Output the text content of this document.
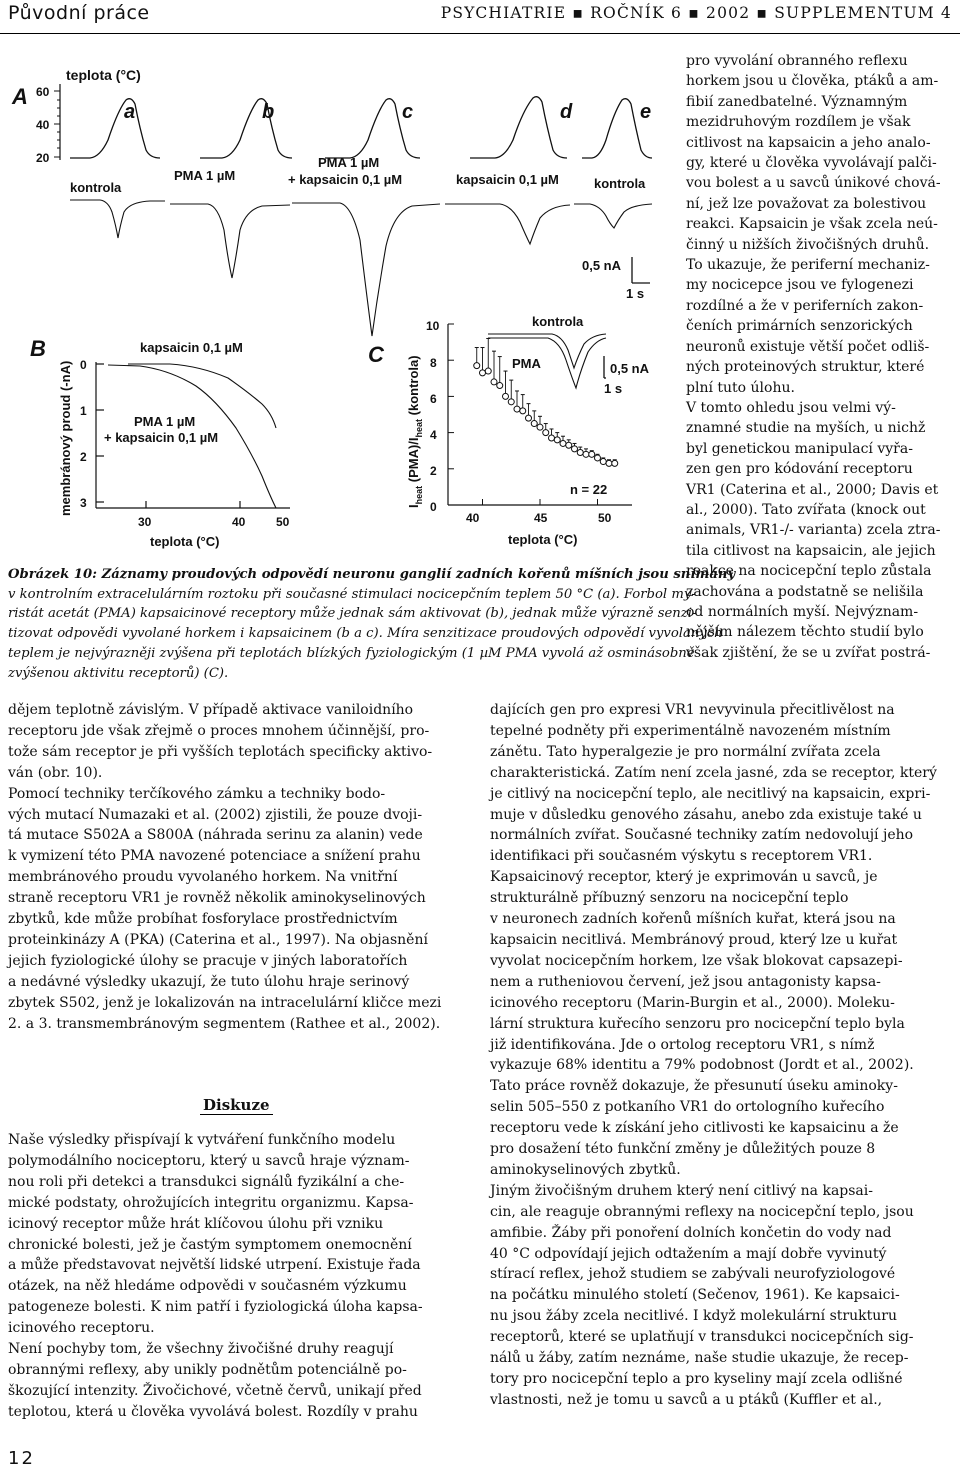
Původní práce	PSYCHIATRIE ▪ ROČNÍK 6 ▪ 2002 ▪ SUPPLEMENTUM 4
A
teplota (°C)
60
40
20
a	b	c	d	e
kontrola
PMA 1 µM
PMA 1 µM
+ kapsaicin 0,1 µM	kapsaicin 0,1 µM	kontrola
0,5 nA
1 s
B
membránový proud (-nA) 0
1
2
3
30	40	50
teplota (°C)
kapsaicin 0,1 µM
PMA 1 µM
+ kapsaicin 0,1 µM
C
$I_{heat}$ $(PMA)/I_{heat}$ (kontrola)
10
8
6
4
2
0
40	45	50
teplota (°C)
n = 22
kontrola
PMA	0,5 nA
1 s
Obrázek 10: Záznamy proudových odpovědí neuronu ganglií zadních kořenů míšních jsou snímány
v kontrolním extracelulárním roztoku při současné stimulaci nocicepčním teplem 50 °C (a). Forbol my-
ristát acetát (PMA) kapsaicinové receptory může jednak sám aktivovat (b), jednak může výrazně senzi-
tizovat odpovědi vyvolané horkem i kapsaicinem (b a c). Míra senzitizace proudových odpovědí vyvolaných
teplem je nejvýrazněji zvýšena při teplotách blízkých fyziologickým (1 µM PMA vyvolá až osminásobně
zvýšenou aktivitu receptorů) (C).
pro vyvolání obranného reflexu
horkem jsou u člověka, ptáků a am-
fibií zanedbatelné. Významným
mezidruhovým rozdílem je však
citlivost na kapsaicin a jeho analo-
gy, které u člověka vyvolávají palči-
vou bolest a u savců únikové chová-
ní, jež lze považovat za bolestivou
reakci. Kapsaicin je však zcela neú-
činný u nižších živočišných druhů.
To ukazuje, že periferní mechaniz-
my nocicepce jsou ve fylogenezi
rozdílné a že v periferních zakon-
čeních primárních senzorických
neuronů existuje větší počet odliš-
ných proteinových struktur, které
plní tuto úlohu.
V tomto ohledu jsou velmi vý-
znamné studie na myších, u nichž
byl genetickou manipulací vyřa-
zen gen pro kódování receptoru
VR1 (Caterina et al., 2000; Davis et
al., 2000). Tato zvířata (knock out
animals, VR1-/- varianta) zcela ztra-
tila citlivost na kapsaicin, ale jejich
reakce na nocicepční teplo zůstala
zachována a podstatně se nelišila
od normálních myší. Nejvýznam-
nějším nálezem těchto studií bylo
však zjištění, že se u zvířat postrá-
dějem teplotně závislým. V případě aktivace vaniloidního
receptoru jde však zřejmě o proces mnohem účinnější, pro-
tože sám receptor je při vyšších teplotách specificky aktivo-
ván (obr. 10).
Pomocí techniky terčíkového zámku a techniky bodo-
vých mutací Numazaki et al. (2002) zjistili, že pouze dvoji-
tá mutace S502A a S800A (náhrada serinu za alanin) vede
k vymizení této PMA navozené potenciace a snížení prahu
membránového proudu vyvolaného horkem. Na vnitřní
straně receptoru VR1 je rovněž několik aminokyselinových
zbytků, kde může probíhat fosforylace prostřednictvím
proteinkinázy A (PKA) (Caterina et al., 1997). Na objasnění
jejich fyziologické úlohy se pracuje v jiných laboratořích
a nedávné výsledky ukazují, že tuto úlohu hraje serinový
zbytek S502, jenž je lokalizován na intracelulární kličce mezi
2. a 3. transmembránovým segmentem (Rathee et al., 2002).
Diskuze
Naše výsledky přispívají k vytváření funkčního modelu
polymodálního nociceptoru, který u savců hraje význam-
nou roli při detekci a transdukci signálů fyzikální a che-
mické podstaty, ohrožujících integritu organizmu. Kapsa-
icinový receptor může hrát klíčovou úlohu při vzniku
chronické bolesti, jež je častým symptomem onemocnění
a může představovat největší lidské utrpení. Existuje řada
otázek, na něž hledáme odpovědi v současném výzkumu
patogeneze bolesti. K nim patří i fyziologická úloha kapsa-
icinového receptoru.
Není pochyby tom, že všechny živočišné druhy reagují
obrannými reflexy, aby unikly podnětům potenciálně po-
škozující intenzity. Živočichové, včetně červů, unikají před
teplotou, která u člověka vyvolává bolest. Rozdíly v prahu
dajících gen pro expresi VR1 nevyvinula přecitlivělost na
tepelné podněty při experimentálně navozeném místním
zánětu. Tato hyperalgezie je pro normální zvířata zcela
charakteristická. Zatím není zcela jasné, zda se receptor, který
je citlivý na nocicepční teplo, ale necitlivý na kapsaicin, expri-
muje v důsledku genového zásahu, anebo zda existuje také u
normálních zvířat. Současné techniky zatím nedovolují jeho
identifikaci při současném výskytu s receptorem VR1.
Kapsaicinový receptor, který je exprimován u savců, je
strukturálně příbuzný senzoru na nocicepční teplo
v neuronech zadních kořenů míšních kuřat, která jsou na
kapsaicin necitlivá. Membránový proud, který lze u kuřat
vyvolat nocicepčním horkem, lze však blokovat capsazepi-
nem a rutheniovou červení, jež jsou antagonisty kapsa-
icinového receptoru (Marin-Burgin et al., 2000). Moleku-
lární struktura kuřecího senzoru pro nocicepční teplo byla
již identifikována. Jde o ortolog receptoru VR1, s nímž
vykazuje 68% identitu a 79% podobnost (Jordt et al., 2002).
Tato práce rovněž dokazuje, že přesunutí úseku aminoky-
selin 505–550 z potkaního VR1 do ortologního kuřecího
receptoru vede k získání jeho citlivosti ke kapsaicinu a že
pro dosažení této funkční změny je důležitých pouze 8
aminokyselinových zbytků.
Jiným živočišným druhem který není citlivý na kapsai-
cin, ale reaguje obrannými reflexy na nocicepční teplo, jsou
amfibie. Žáby při ponoření dolních končetin do vody nad
40 °C odpovídají jejich odtažením a mají dobře vyvinutý
stírací reflex, jehož studiem se zabývali neurofyziologové
na počátku minulého století (Sečenov, 1961). Ke kapsaici-
nu jsou žáby zcela necitlivé. I když molekulární strukturu
receptorů, které se uplatňují v transdukci nocicepčních sig-
nálů u žáby, zatím neznáme, naše studie ukazuje, že recep-
tory pro nocicepční teplo a pro kyseliny mají zcela odlišné
vlastnosti, než je tomu u savců a u ptáků (Kuffler et al.,
12
